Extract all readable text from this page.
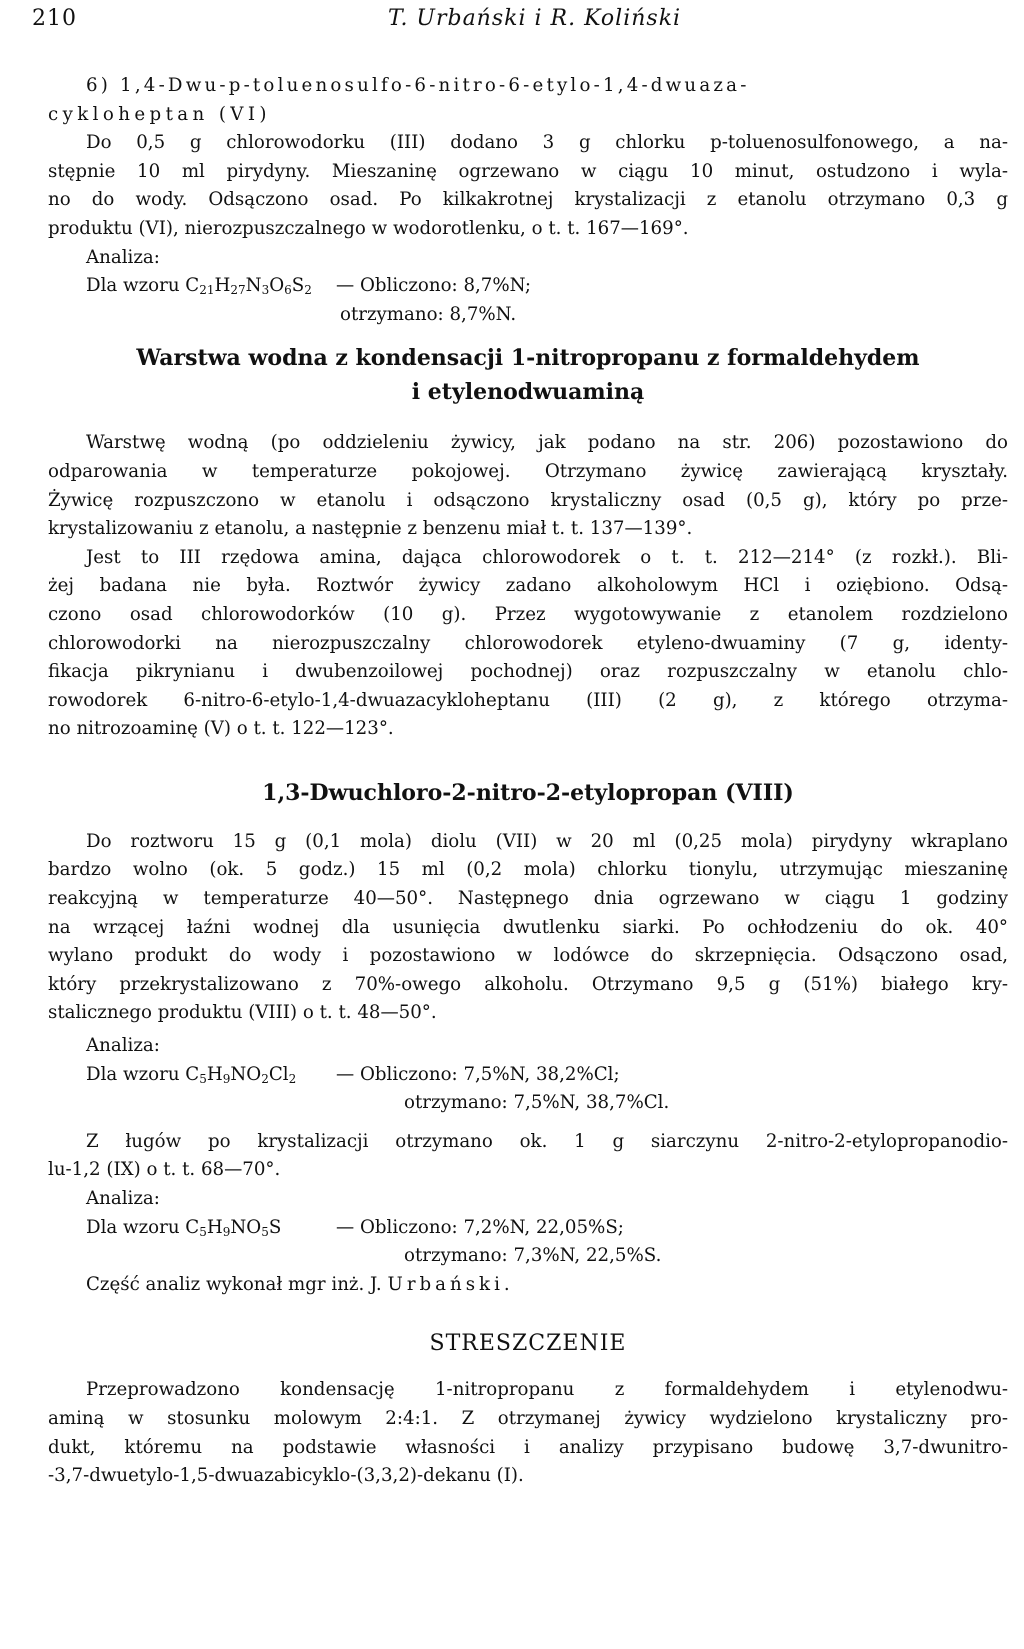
210	T. Urbański i R. Koliński
6) 1,4-Dwu-p-toluenosulfo-6-nitro-6-etylo-1,4-dwuaza-
cykloheptan (VI)
Do 0,5 g chlorowodorku (III) dodano 3 g chlorku p-toluenosulfonowego, a na-
stępnie 10 ml pirydyny. Mieszaninę ogrzewano w ciągu 10 minut, ostudzono i wyla-
no do wody. Odsączono osad. Po kilkakrotnej krystalizacji z etanolu otrzymano 0,3 g
produktu (VI), nierozpuszczalnego w wodorotlenku, o t. t. 167—169°.
Analiza:
Dla wzoru $C_{21}H_{27}N_3O_6S_2$	— Obliczono: 8,7%N;
otrzymano: 8,7%N.
Warstwa wodna z kondensacji 1-nitropropanu z formaldehydem
i etylenodwuaminą
Warstwę wodną (po oddzieleniu żywicy, jak podano na str. 206) pozostawiono do
odparowania w temperaturze pokojowej. Otrzymano żywicę zawierającą kryształy.
Żywicę rozpuszczono w etanolu i odsączono krystaliczny osad (0,5 g), który po prze-
krystalizowaniu z etanolu, a następnie z benzenu miał t. t. 137—139°.
Jest to III rzędowa amina, dająca chlorowodorek o t. t. 212—214° (z rozkł.). Bli-
żej badana nie była. Roztwór żywicy zadano alkoholowym HCl i oziębiono. Odsą-
czono osad chlorowodorków (10 g). Przez wygotowywanie z etanolem rozdzielono
chlorowodorki na nierozpuszczalny chlorowodorek etyleno-dwuaminy (7 g, identy-
fikacja pikrynianu i dwubenzoilowej pochodnej) oraz rozpuszczalny w etanolu chlo-
rowodorek 6-nitro-6-etylo-1,4-dwuazacykloheptanu (III) (2 g), z którego otrzyma-
no nitrozoaminę (V) o t. t. 122—123°.
1,3-Dwuchloro-2-nitro-2-etylopropan (VIII)
Do roztworu 15 g (0,1 mola) diolu (VII) w 20 ml (0,25 mola) pirydyny wkraplano
bardzo wolno (ok. 5 godz.) 15 ml (0,2 mola) chlorku tionylu, utrzymując mieszaninę
reakcyjną w temperaturze 40—50°. Następnego dnia ogrzewano w ciągu 1 godziny
na wrzącej łaźni wodnej dla usunięcia dwutlenku siarki. Po ochłodzeniu do ok. 40°
wylano produkt do wody i pozostawiono w lodówce do skrzepnięcia. Odsączono osad,
który przekrystalizowano z 70%-owego alkoholu. Otrzymano 9,5 g (51%) białego kry-
stalicznego produktu (VIII) o t. t. 48—50°.
Analiza:
Dla wzoru $C_5H_9NO_2Cl_2$	— Obliczono: 7,5%N, 38,2%Cl;
otrzymano: 7,5%N, 38,7%Cl.
Z ługów po krystalizacji otrzymano ok. 1 g siarczynu 2-nitro-2-etylopropanodio-
lu-1,2 (IX) o t. t. 68—70°.
Analiza:
Dla wzoru $C_5H_9NO_5S$	— Obliczono: 7,2%N, 22,05%S;
otrzymano: 7,3%N, 22,5%S.
Część analiz wykonał mgr inż. J. Urbański.
STRESZCZENIE
Przeprowadzono kondensację 1-nitropropanu z formaldehydem i etylenodwu-
aminą w stosunku molowym 2:4:1. Z otrzymanej żywicy wydzielono krystaliczny pro-
dukt, któremu na podstawie własności i analizy przypisano budowę 3,7-dwunitro-
-3,7-dwuetylo-1,5-dwuazabicyklo-(3,3,2)-dekanu (I).
